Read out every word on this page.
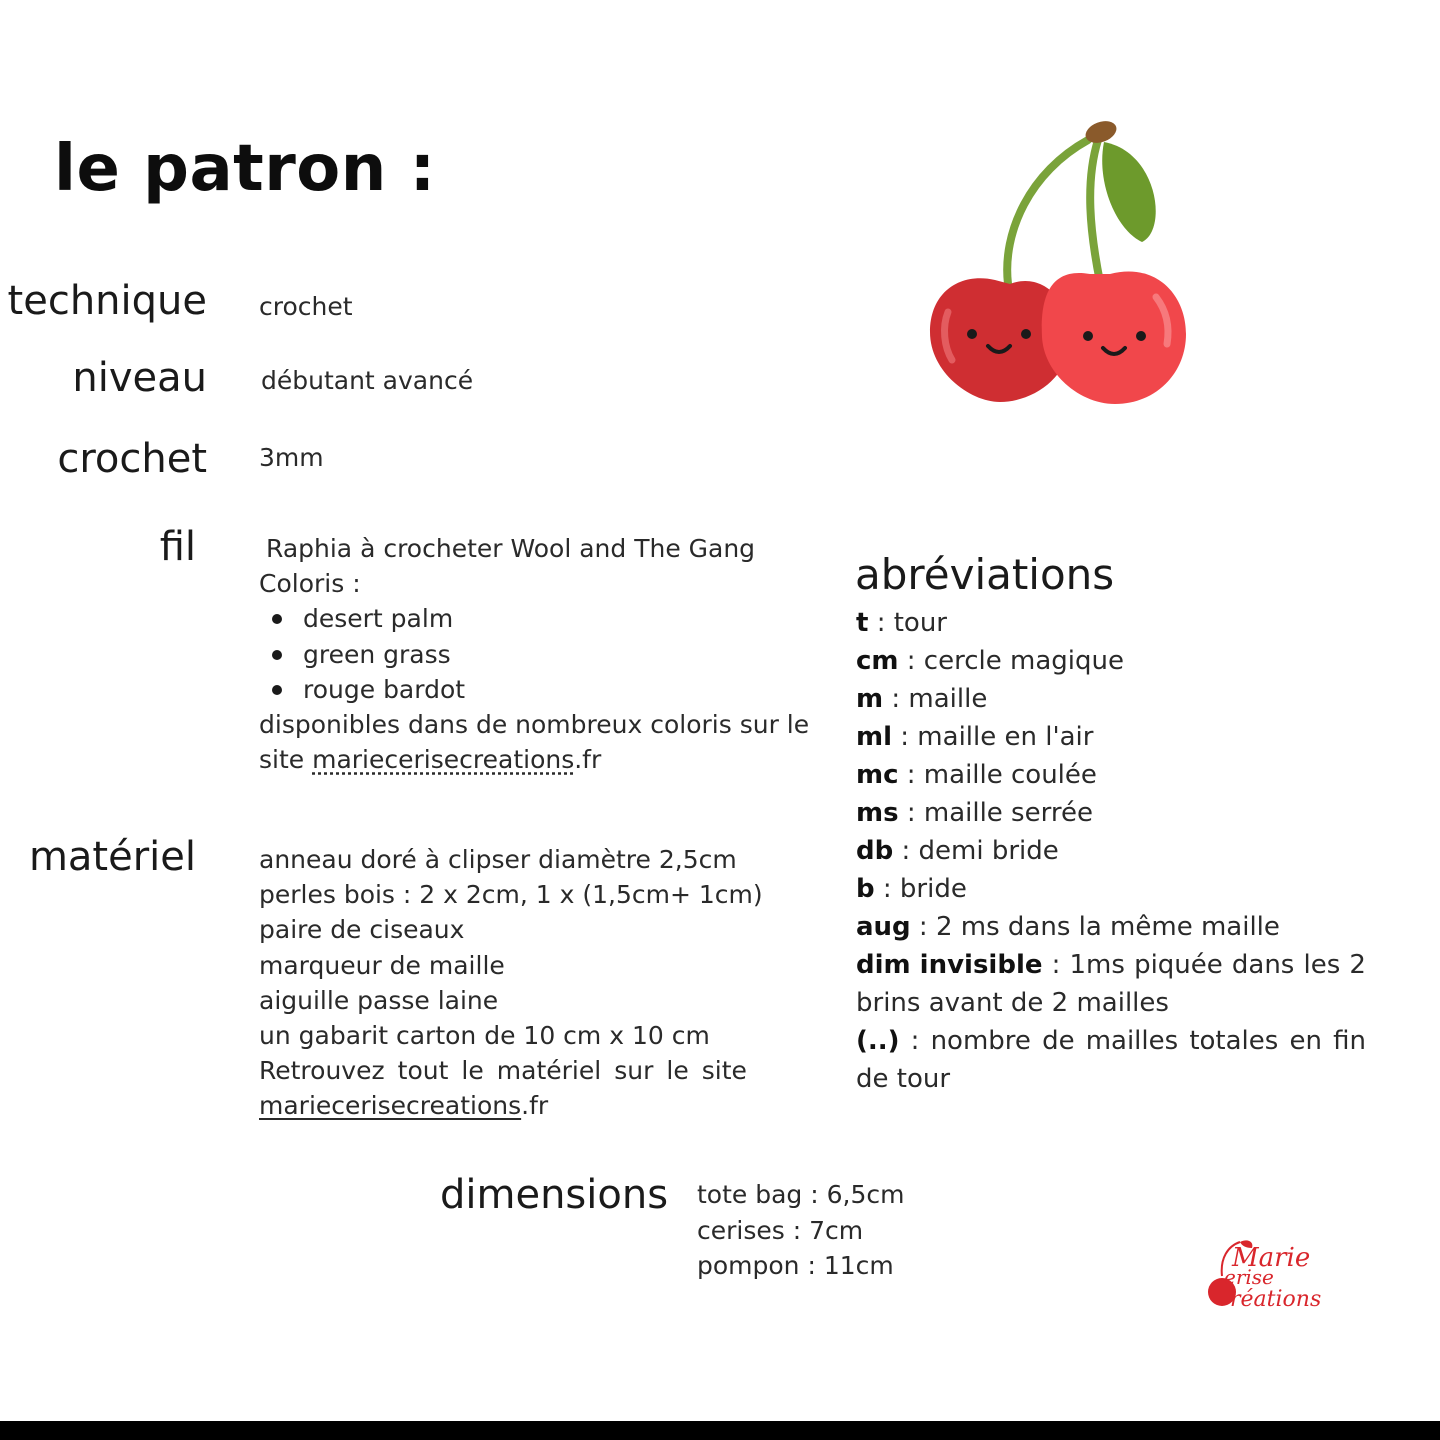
le patron :
technique crochet
niveau débutant avancé
crochet 3mm
fil	Raphia à crocheter Wool and The Gang
Coloris :
desert palm
green grass
rouge bardot
disponibles dans de nombreux coloris sur le
site mariecerisecreations.fr
matériel	anneau doré à clipser diamètre 2,5cm
perles bois : 2 x 2cm, 1 x (1,5cm+ 1cm)
paire de ciseaux
marqueur de maille
aiguille passe laine
un gabarit carton de 10 cm x 10 cm
Retrouvez tout le matériel sur le site
mariecerisecreations.fr
abréviations
t : tour
cm : cercle magique
m : maille
ml : maille en l'air
mc : maille coulée
ms : maille serrée
db : demi bride
b : bride
aug : 2 ms dans la même maille
dim invisible : 1ms piquée dans les 2
brins avant de 2 mailles
(..) : nombre de mailles totales en fin
de tour
dimensions tote bag : 6,5cm
cerises : 7cm
pompon : 11cm	Marie
erise
réations
